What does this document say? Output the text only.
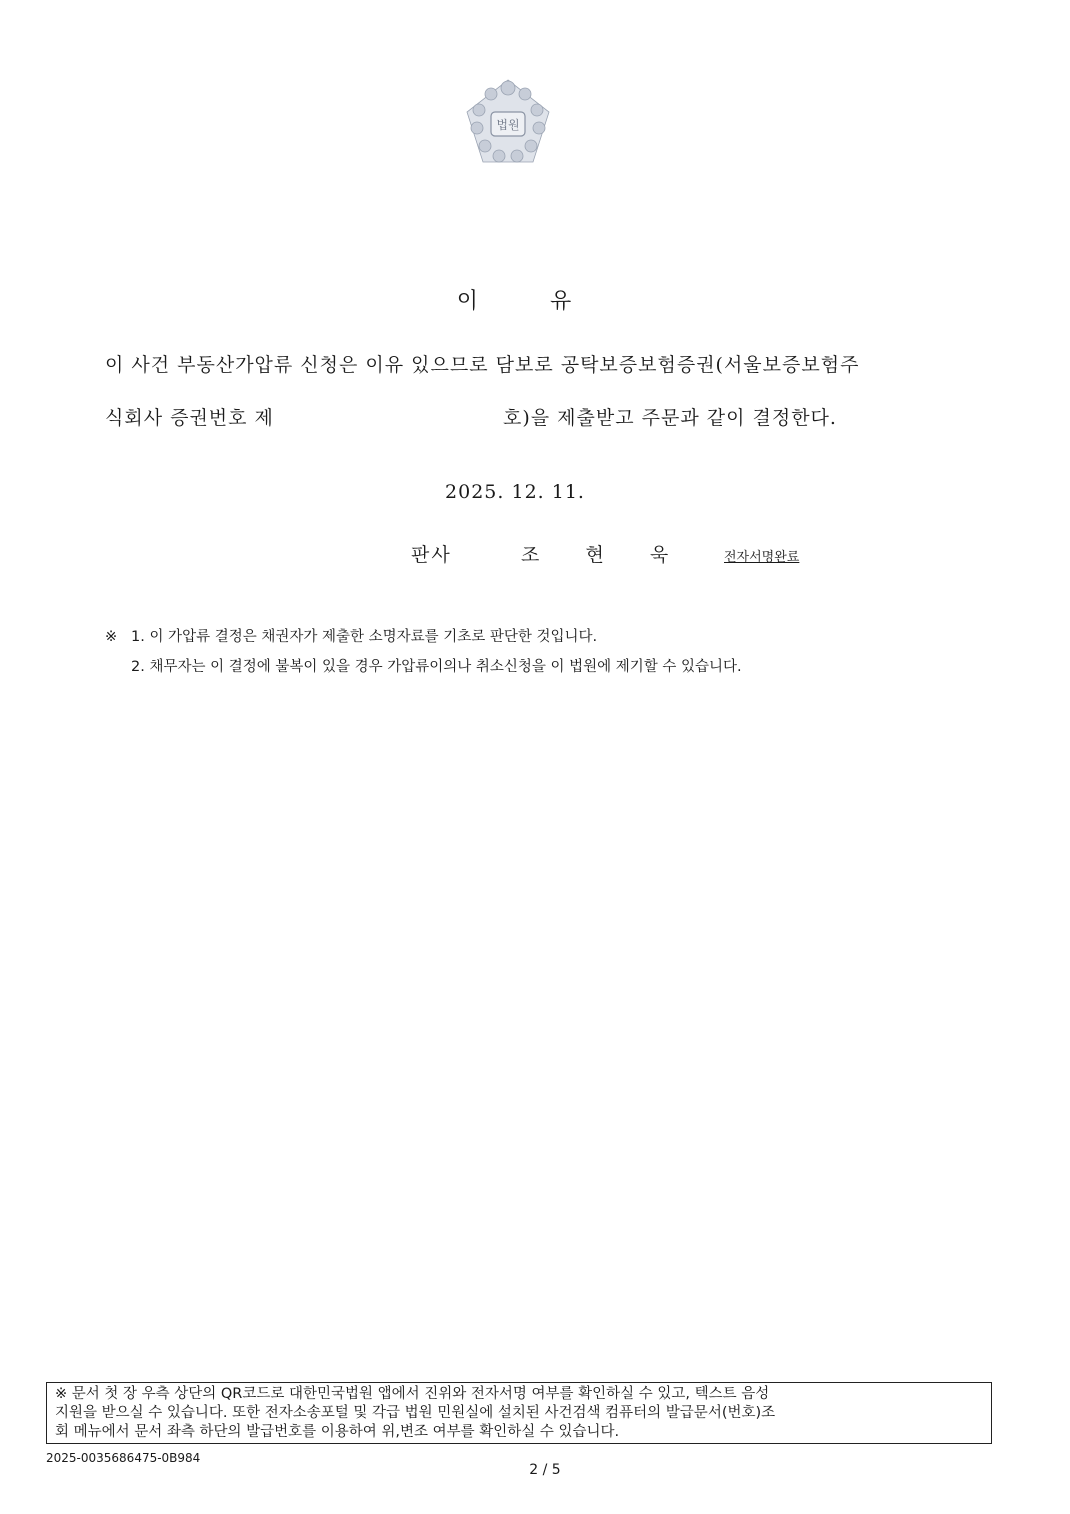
법원
이	유
이 사건 부동산가압류 신청은 이유 있으므로 담보로 공탁보증보험증권(서울보증보험주
식회사 증권번호 제	호)을 제출받고 주문과 같이 결정한다.
2025. 12. 11.
판사	조 현 욱	전자서명완료
※ 1. 이 가압류 결정은 채권자가 제출한 소명자료를 기초로 판단한 것입니다.
2. 채무자는 이 결정에 불복이 있을 경우 가압류이의나 취소신청을 이 법원에 제기할 수 있습니다.
※ 문서 첫 장 우측 상단의 QR코드로 대한민국법원 앱에서 진위와 전자서명 여부를 확인하실 수 있고, 텍스트 음성
지원을 받으실 수 있습니다. 또한 전자소송포털 및 각급 법원 민원실에 설치된 사건검색 컴퓨터의 발급문서(번호)조
회 메뉴에서 문서 좌측 하단의 발급번호를 이용하여 위,변조 여부를 확인하실 수 있습니다.
2025-0035686475-0B984
2 / 5
